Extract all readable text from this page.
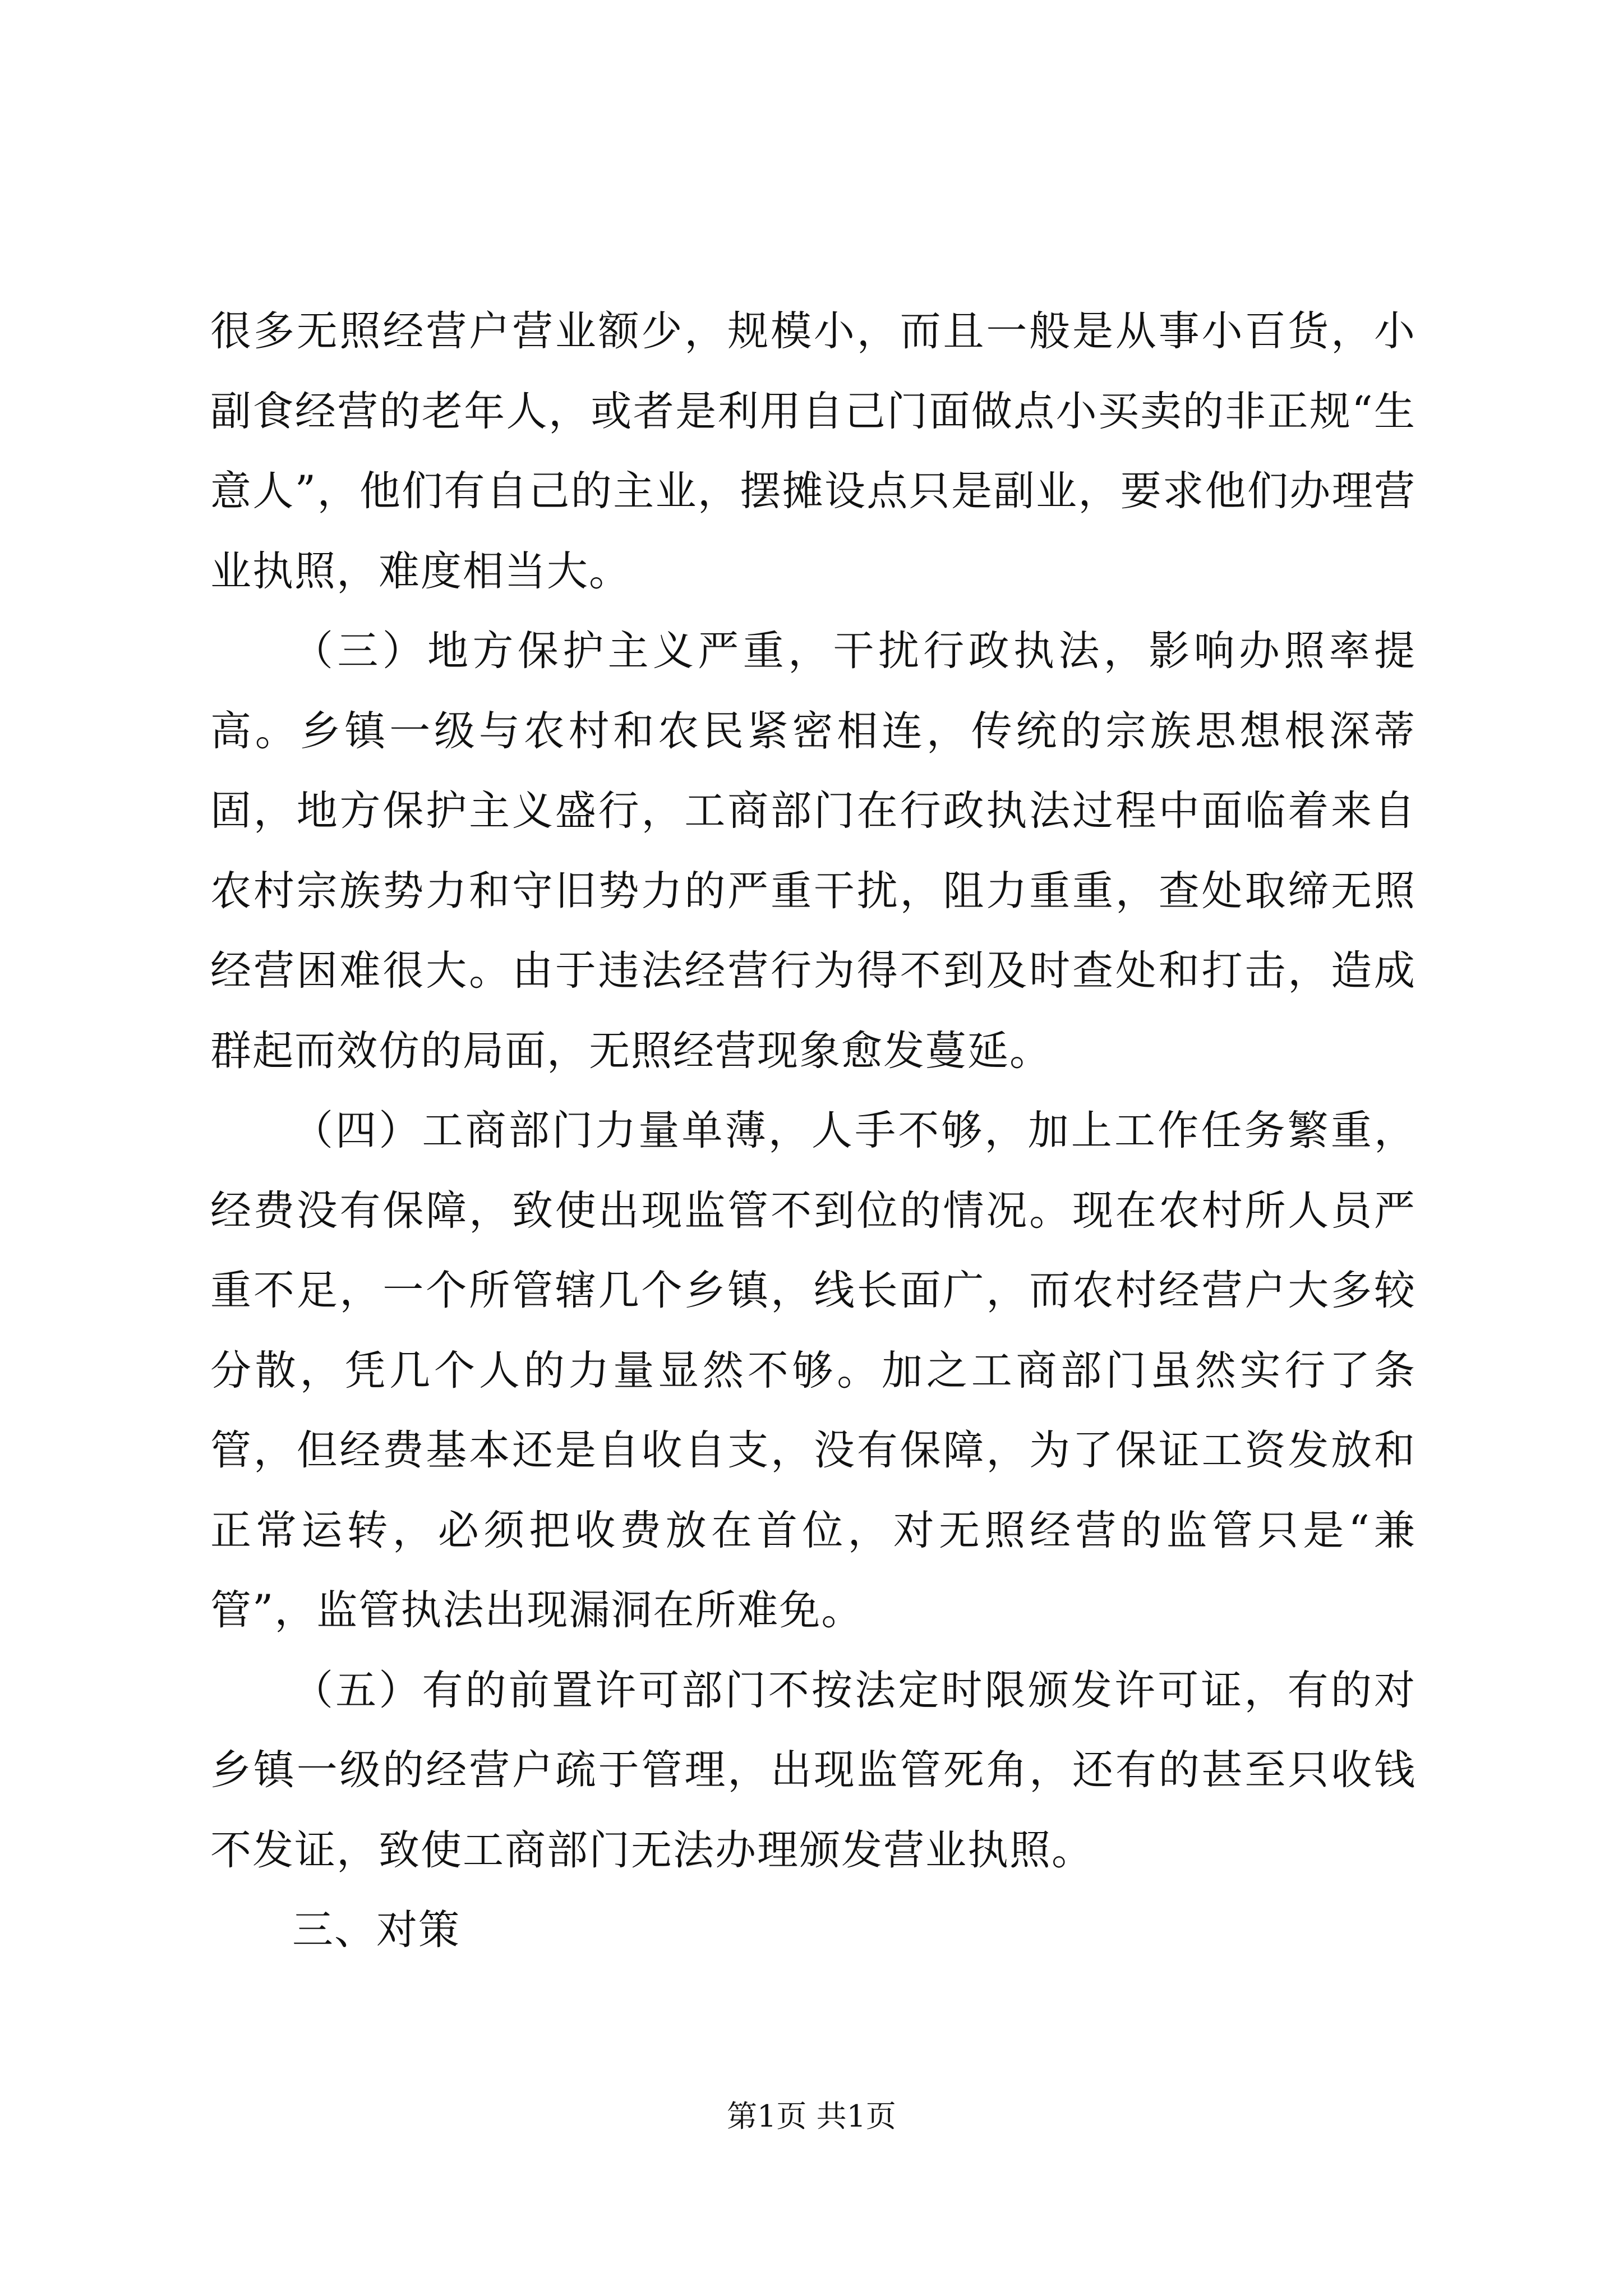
很多无照经营户营业额少，规模小，而且一般是从事小百货，小副食经营的老年人，或者是利用自己门面做点小买卖的非正规“生意人”，他们有自己的主业，摆摊设点只是副业，要求他们办理营业执照，难度相当大。

（三）地方保护主义严重，干扰行政执法，影响办照率提高。乡镇一级与农村和农民紧密相连，传统的宗族思想根深蒂固，地方保护主义盛行，工商部门在行政执法过程中面临着来自农村宗族势力和守旧势力的严重干扰，阻力重重，查处取缔无照经营困难很大。由于违法经营行为得不到及时查处和打击，造成群起而效仿的局面，无照经营现象愈发蔓延。

（四）工商部门力量单薄，人手不够，加上工作任务繁重，经费没有保障，致使出现监管不到位的情况。现在农村所人员严重不足，一个所管辖几个乡镇，线长面广，而农村经营户大多较分散，凭几个人的力量显然不够。加之工商部门虽然实行了条管，但经费基本还是自收自支，没有保障，为了保证工资发放和正常运转，必须把收费放在首位，对无照经营的监管只是“兼管”，监管执法出现漏洞在所难免。

（五）有的前置许可部门不按法定时限颁发许可证，有的对乡镇一级的经营户疏于管理，出现监管死角，还有的甚至只收钱不发证，致使工商部门无法办理颁发营业执照。

三、对策

第1页 共1页
